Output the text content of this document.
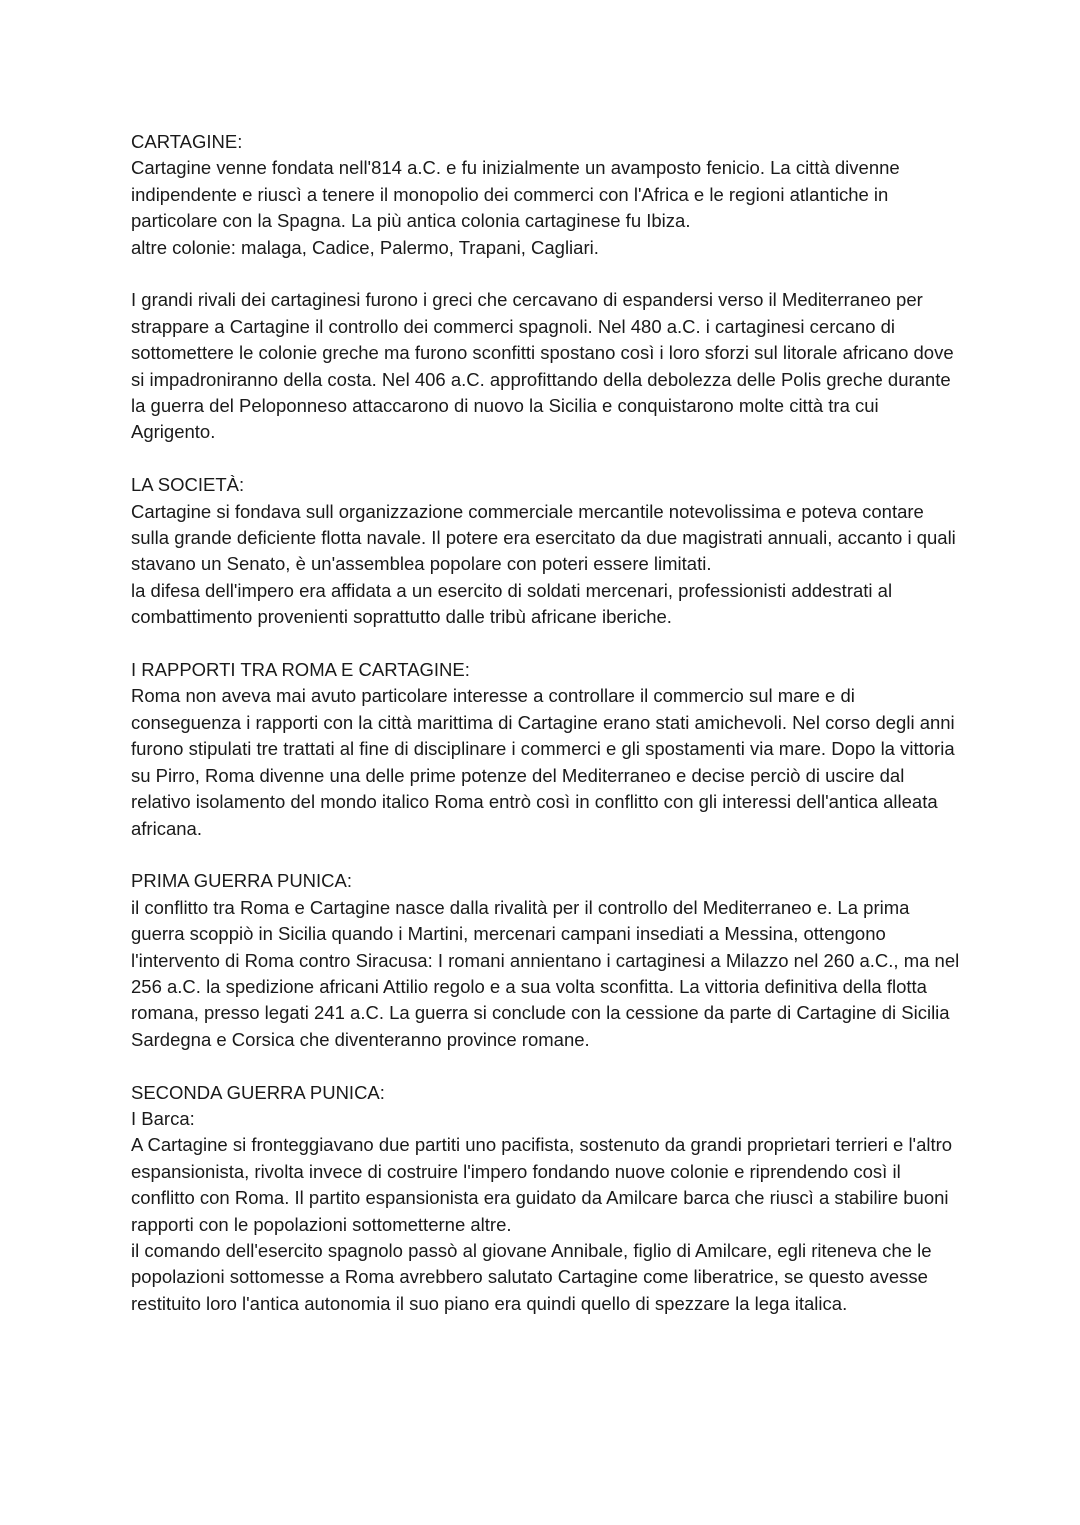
CARTAGINE:
Cartagine venne fondata nell'814 a.C. e fu inizialmente un avamposto fenicio. La città divenne indipendente e riuscì a tenere il monopolio dei commerci con l'Africa e le regioni atlantiche in particolare con la Spagna. La più antica colonia cartaginese fu Ibiza.
altre colonie: malaga, Cadice, Palermo, Trapani, Cagliari.
I grandi rivali dei cartaginesi furono i greci che cercavano di espandersi verso il Mediterraneo per strappare a Cartagine il controllo dei commerci spagnoli. Nel 480 a.C. i cartaginesi cercano di sottomettere le colonie greche ma furono sconfitti spostano così i loro sforzi sul litorale africano dove si impadroniranno della costa. Nel 406 a.C. approfittando della debolezza delle Polis greche durante la guerra del Peloponneso attaccarono di nuovo la Sicilia e conquistarono molte città tra cui Agrigento.
LA SOCIETÀ:
Cartagine si fondava sull organizzazione commerciale mercantile notevolissima e poteva contare sulla grande deficiente flotta navale. Il potere era esercitato da due magistrati annuali, accanto i quali stavano un Senato, è un'assemblea popolare con poteri essere limitati.
la difesa dell'impero era affidata a un esercito di soldati mercenari, professionisti addestrati al combattimento provenienti soprattutto dalle tribù africane iberiche.
I RAPPORTI TRA ROMA E CARTAGINE:
Roma non aveva mai avuto particolare interesse a controllare il commercio sul mare e di conseguenza i rapporti con la città marittima di Cartagine erano stati amichevoli. Nel corso degli anni furono stipulati tre trattati al fine di disciplinare i commerci e gli spostamenti via mare. Dopo la vittoria su Pirro, Roma divenne una delle prime potenze del Mediterraneo e decise perciò di uscire dal relativo isolamento del mondo italico Roma entrò così in conflitto con gli interessi dell'antica alleata africana.
PRIMA GUERRA PUNICA:
il conflitto tra Roma e Cartagine nasce dalla rivalità per il controllo del Mediterraneo e. La prima guerra scoppiò in Sicilia quando i Martini, mercenari campani insediati a Messina, ottengono l'intervento di Roma contro Siracusa: I romani annientano i cartaginesi a Milazzo nel 260 a.C., ma nel 256 a.C. la spedizione africani Attilio regolo e a sua volta sconfitta. La vittoria definitiva della flotta romana, presso legati 241 a.C. La guerra si conclude con la cessione da parte di Cartagine di Sicilia Sardegna e Corsica che diventeranno province romane.
SECONDA GUERRA PUNICA:
I Barca:
A Cartagine si fronteggiavano due partiti uno pacifista, sostenuto da grandi proprietari terrieri e l'altro espansionista, rivolta invece di costruire l'impero fondando nuove colonie e riprendendo così il conflitto con Roma. Il partito espansionista era guidato da Amilcare barca che riuscì a stabilire buoni rapporti con le popolazioni sottometterne altre.
il comando dell'esercito spagnolo passò al giovane Annibale, figlio di Amilcare, egli riteneva che le popolazioni sottomesse a Roma avrebbero salutato Cartagine come liberatrice, se questo avesse restituito loro l'antica autonomia il suo piano era quindi quello di spezzare la lega italica.
